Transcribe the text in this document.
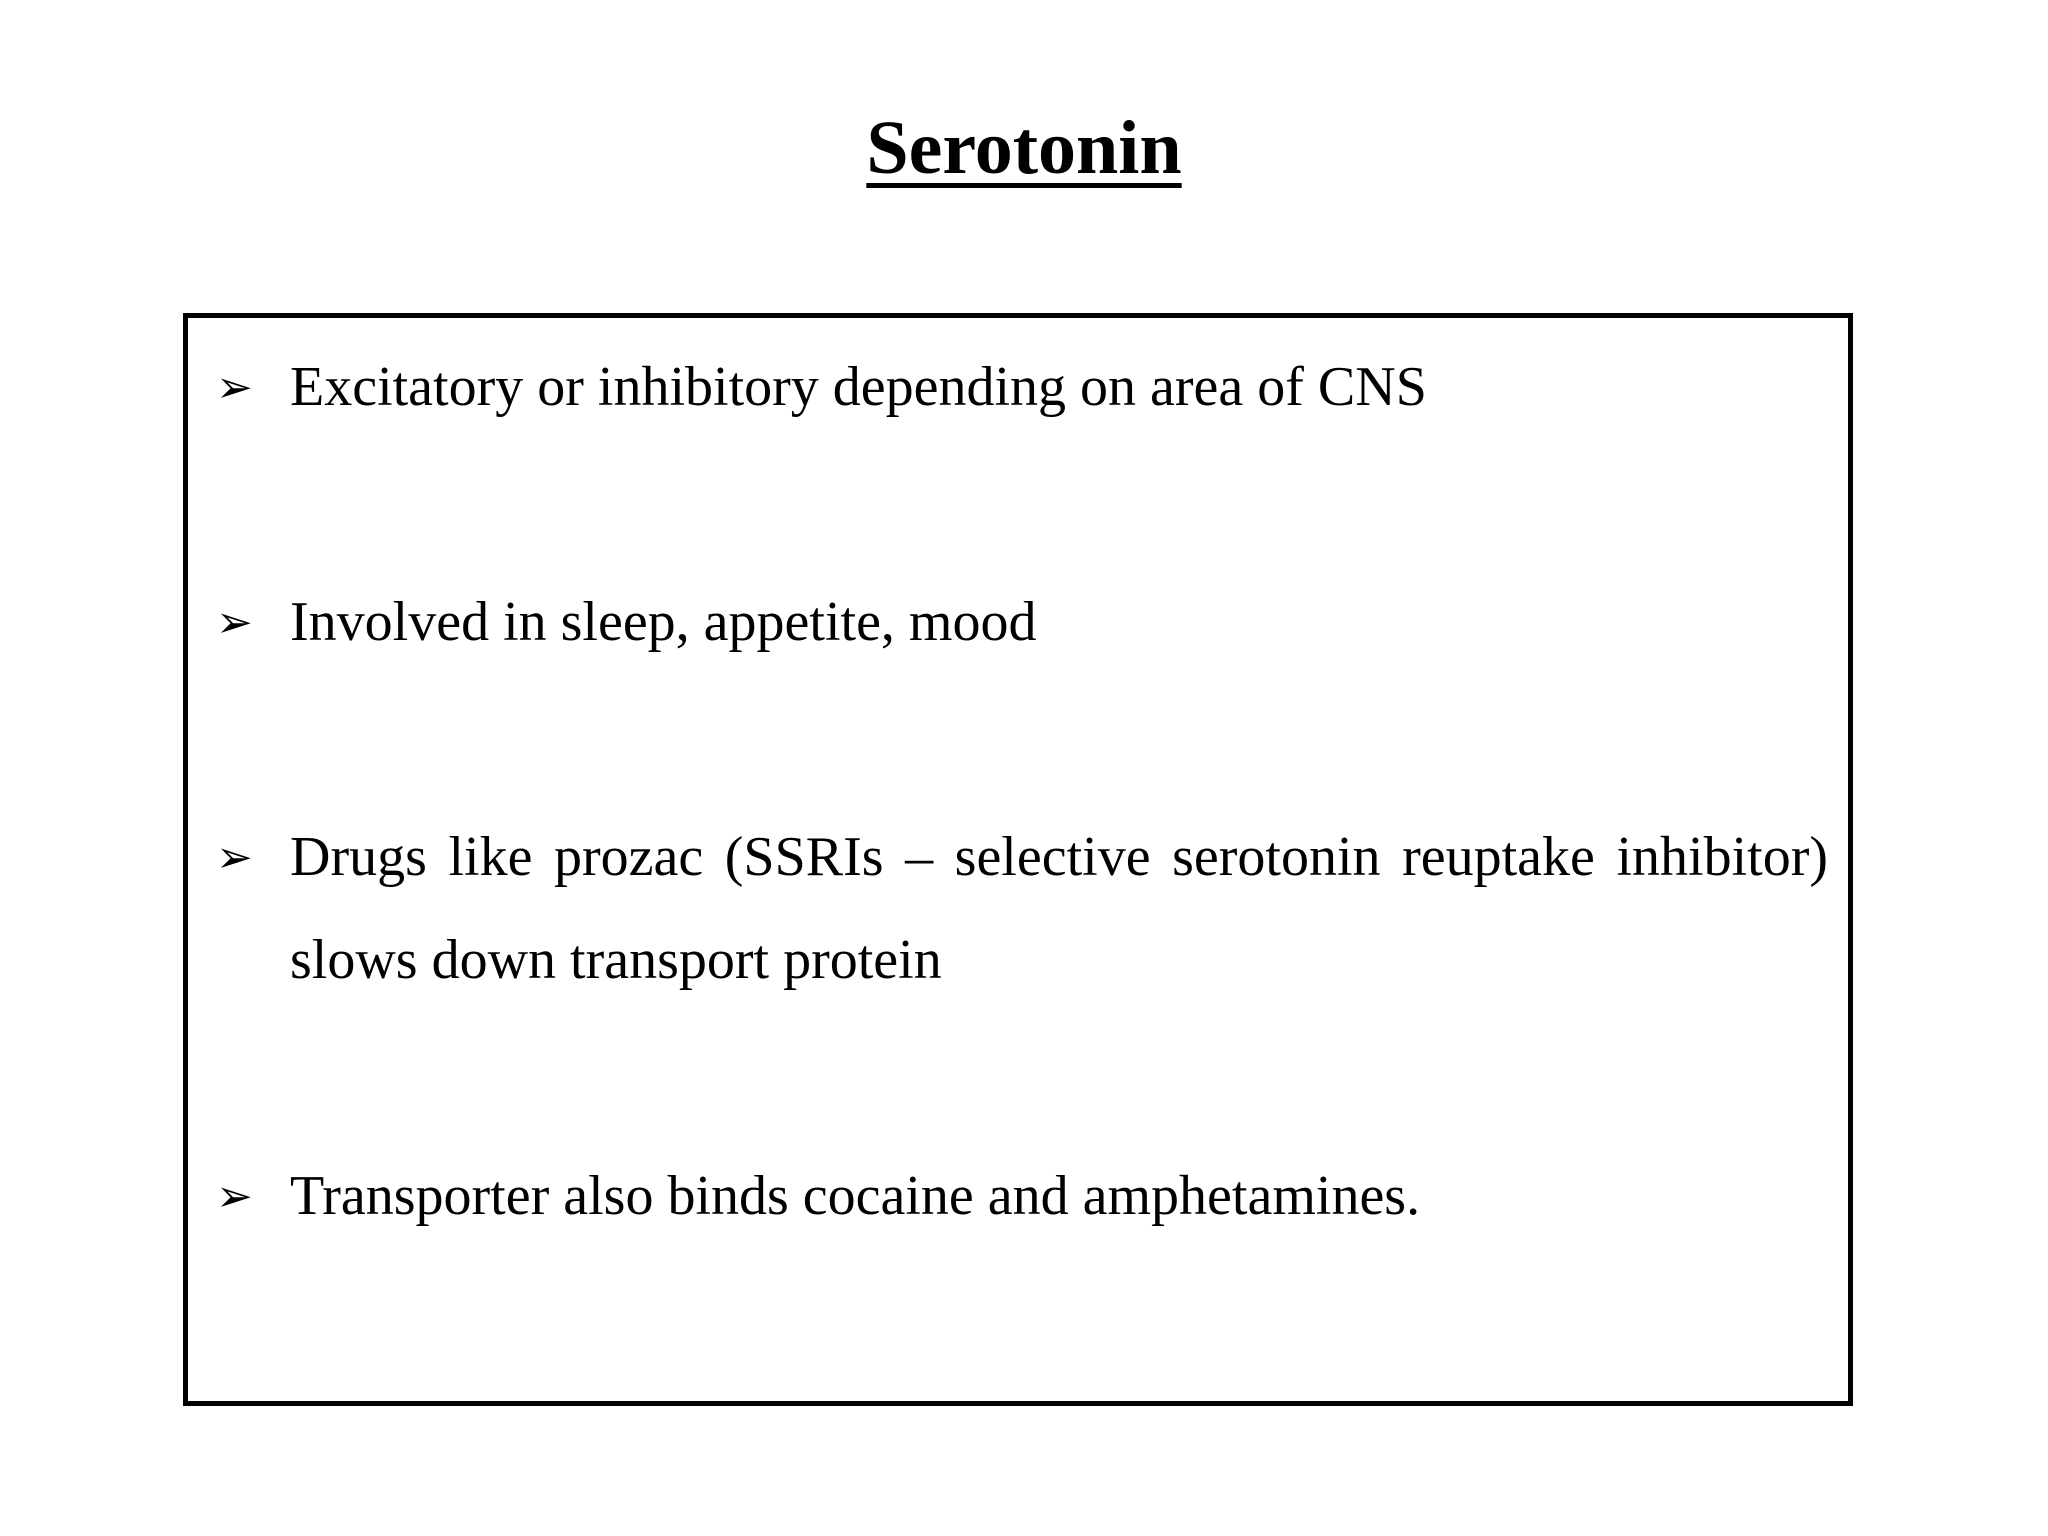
Serotonin
➢ Excitatory or inhibitory depending on area of CNS
➢ Involved in sleep, appetite, mood
➢ Drugs like prozac (SSRIs – selective serotonin reuptake inhibitor) slows down transport protein
➢ Transporter also binds cocaine and amphetamines.
